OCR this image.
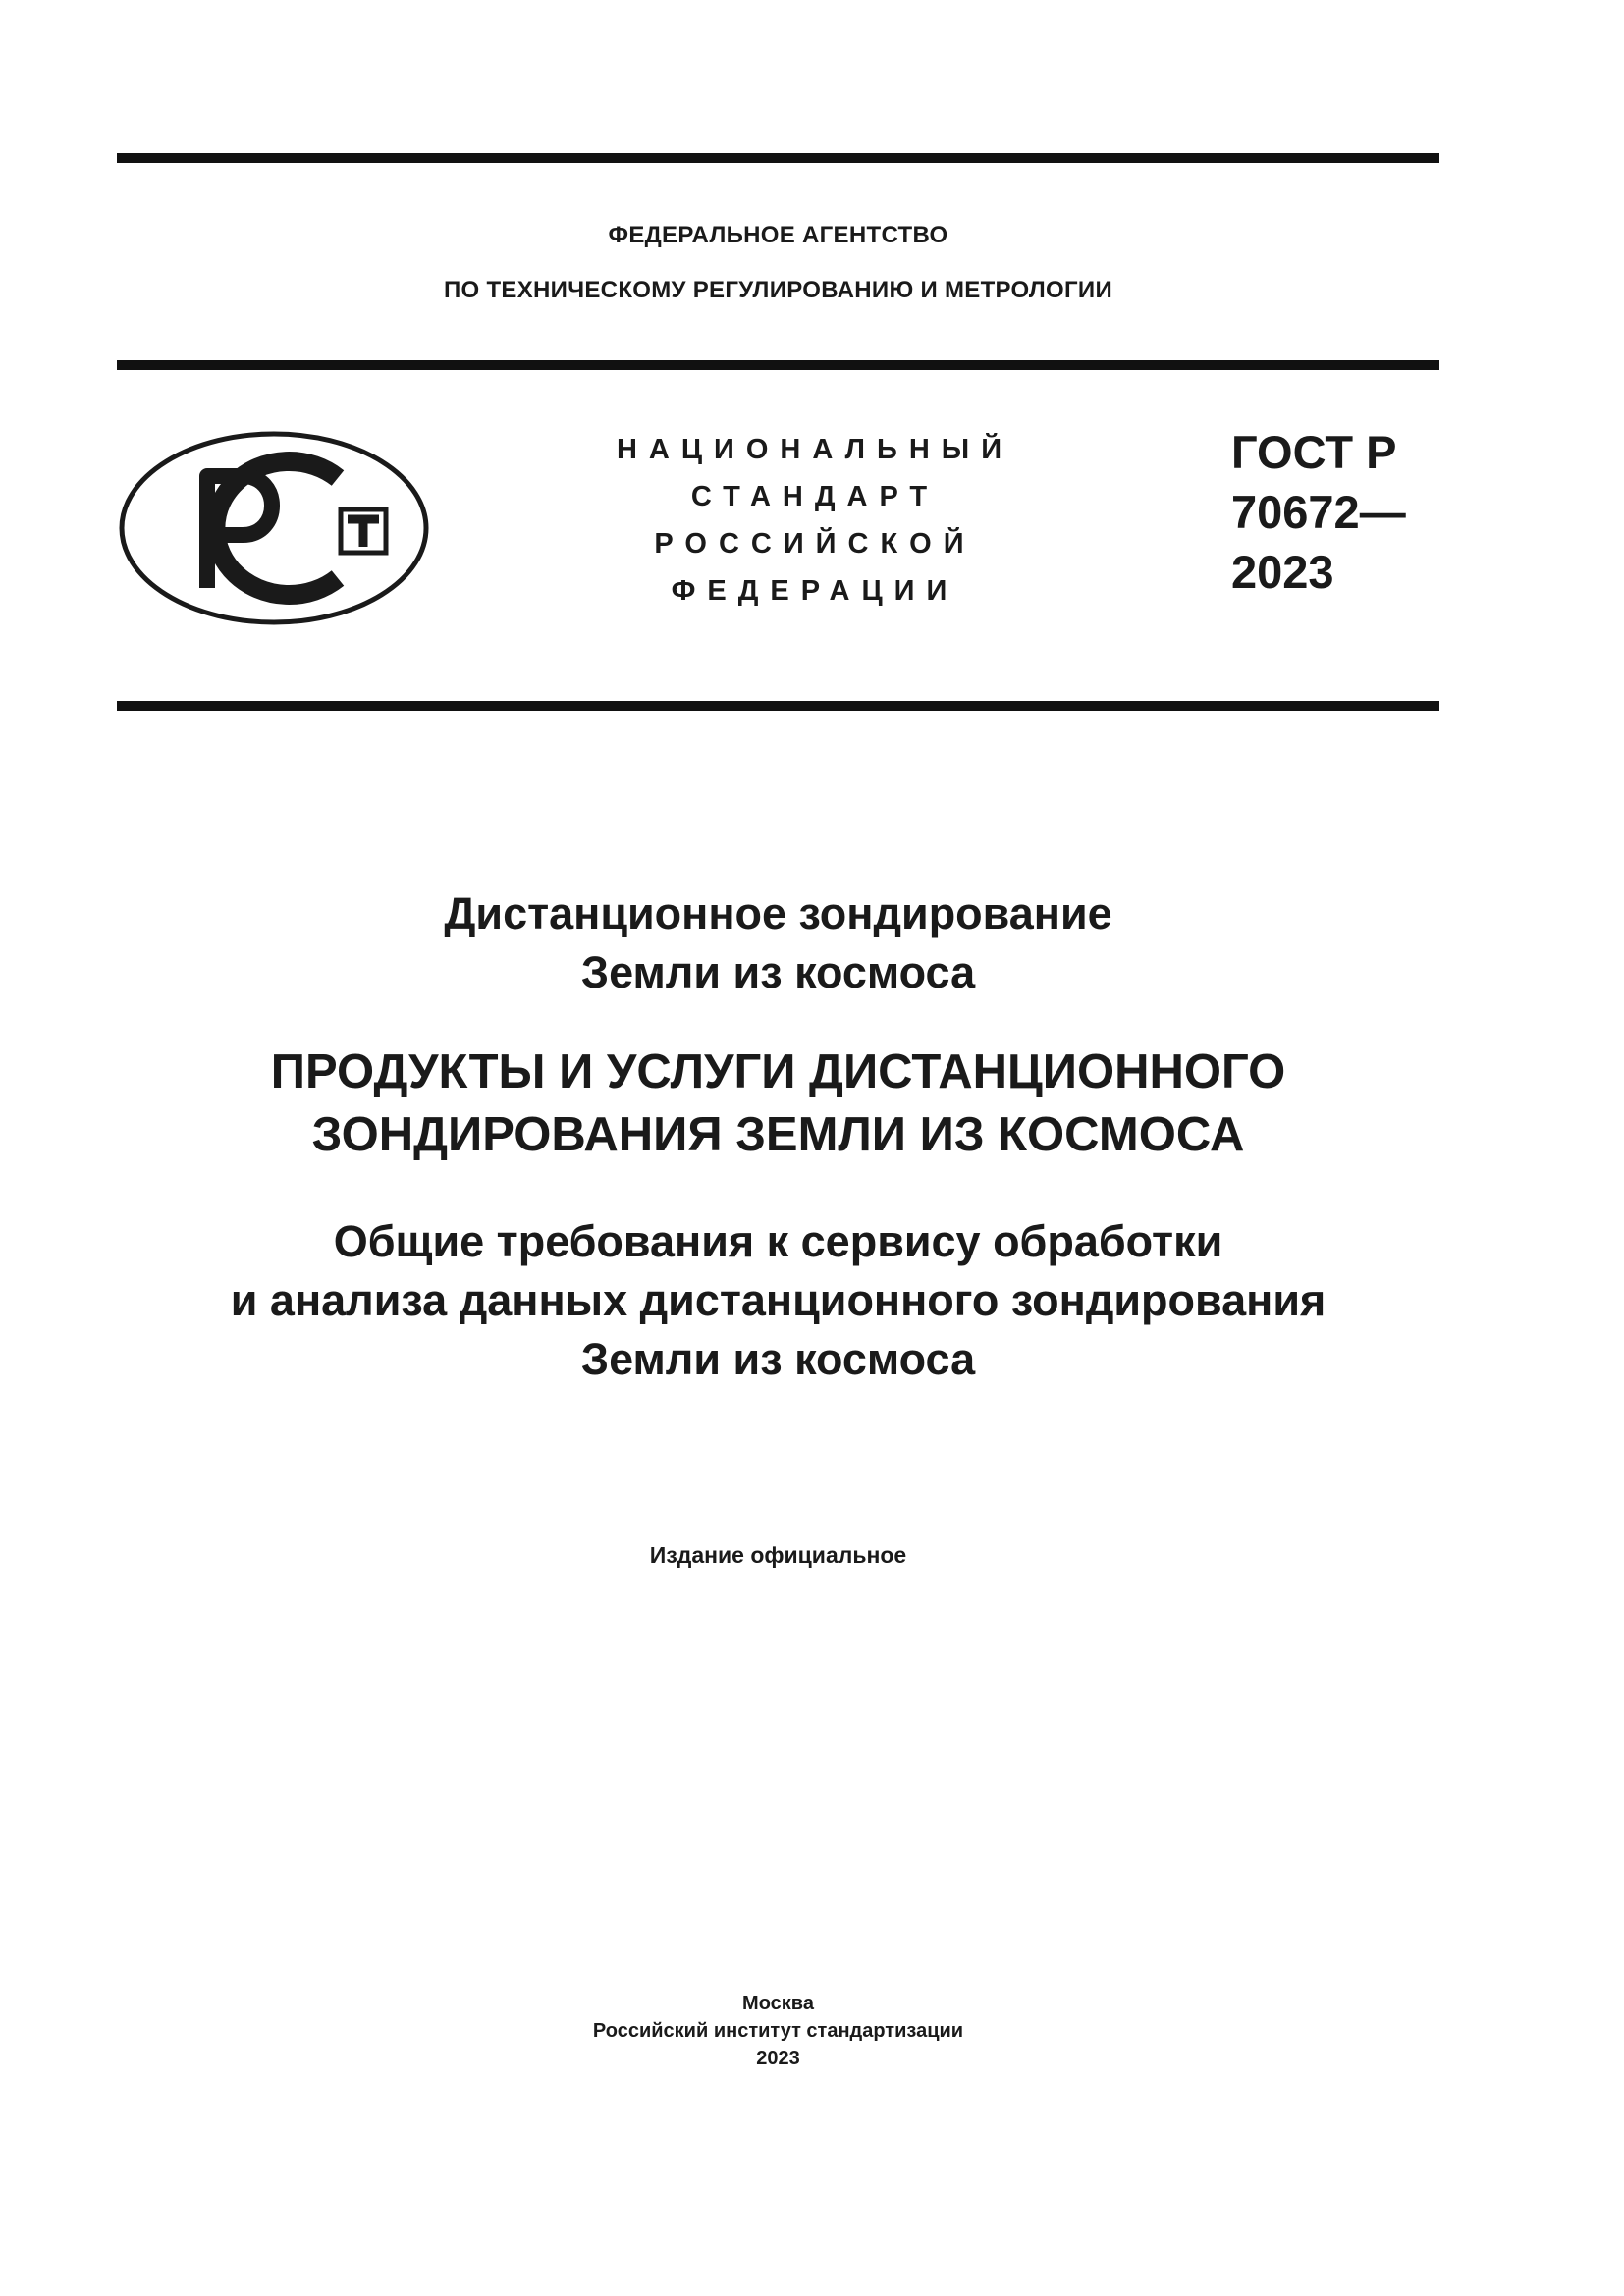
ФЕДЕРАЛЬНОЕ АГЕНТСТВО
ПО ТЕХНИЧЕСКОМУ РЕГУЛИРОВАНИЮ И МЕТРОЛОГИИ
НАЦИОНАЛЬНЫЙ
СТАНДАРТ
РОССИЙСКОЙ
ФЕДЕРАЦИИ
ГОСТ Р
70672—
2023
Дистанционное зондирование
Земли из космоса
ПРОДУКТЫ И УСЛУГИ ДИСТАНЦИОННОГО
ЗОНДИРОВАНИЯ ЗЕМЛИ ИЗ КОСМОСА
Общие требования к сервису обработки
и анализа данных дистанционного зондирования
Земли из космоса
Издание официальное
Москва
Российский институт стандартизации
2023
